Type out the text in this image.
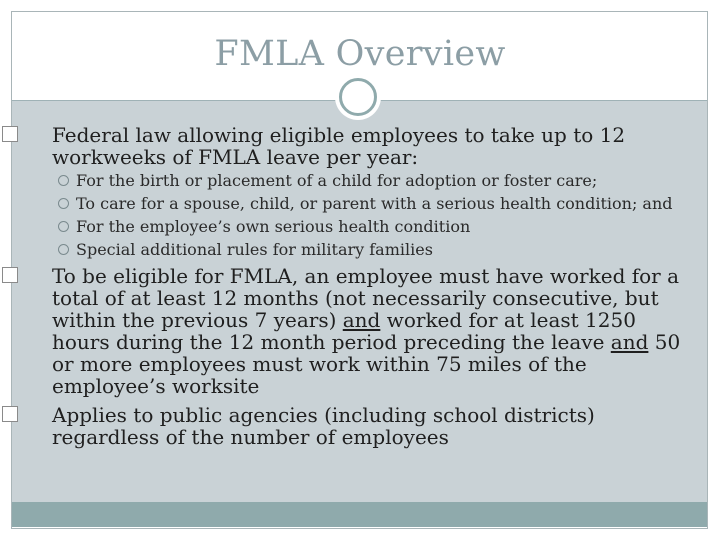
FMLA Overview
Federal law allowing eligible employees to take up to 12 workweeks of FMLA leave per year:
For the birth or placement of a child for adoption or foster care;
To care for a spouse, child, or parent with a serious health condition; and
For the employee’s own serious health condition
Special additional rules for military families
To be eligible for FMLA, an employee must have worked for a total of at least 12 months (not necessarily consecutive, but within the previous 7 years) and worked for at least 1250 hours during the 12 month period preceding the leave and 50 or more employees must work within 75 miles of the employee’s worksite
Applies to public agencies (including school districts) regardless of the number of employees
